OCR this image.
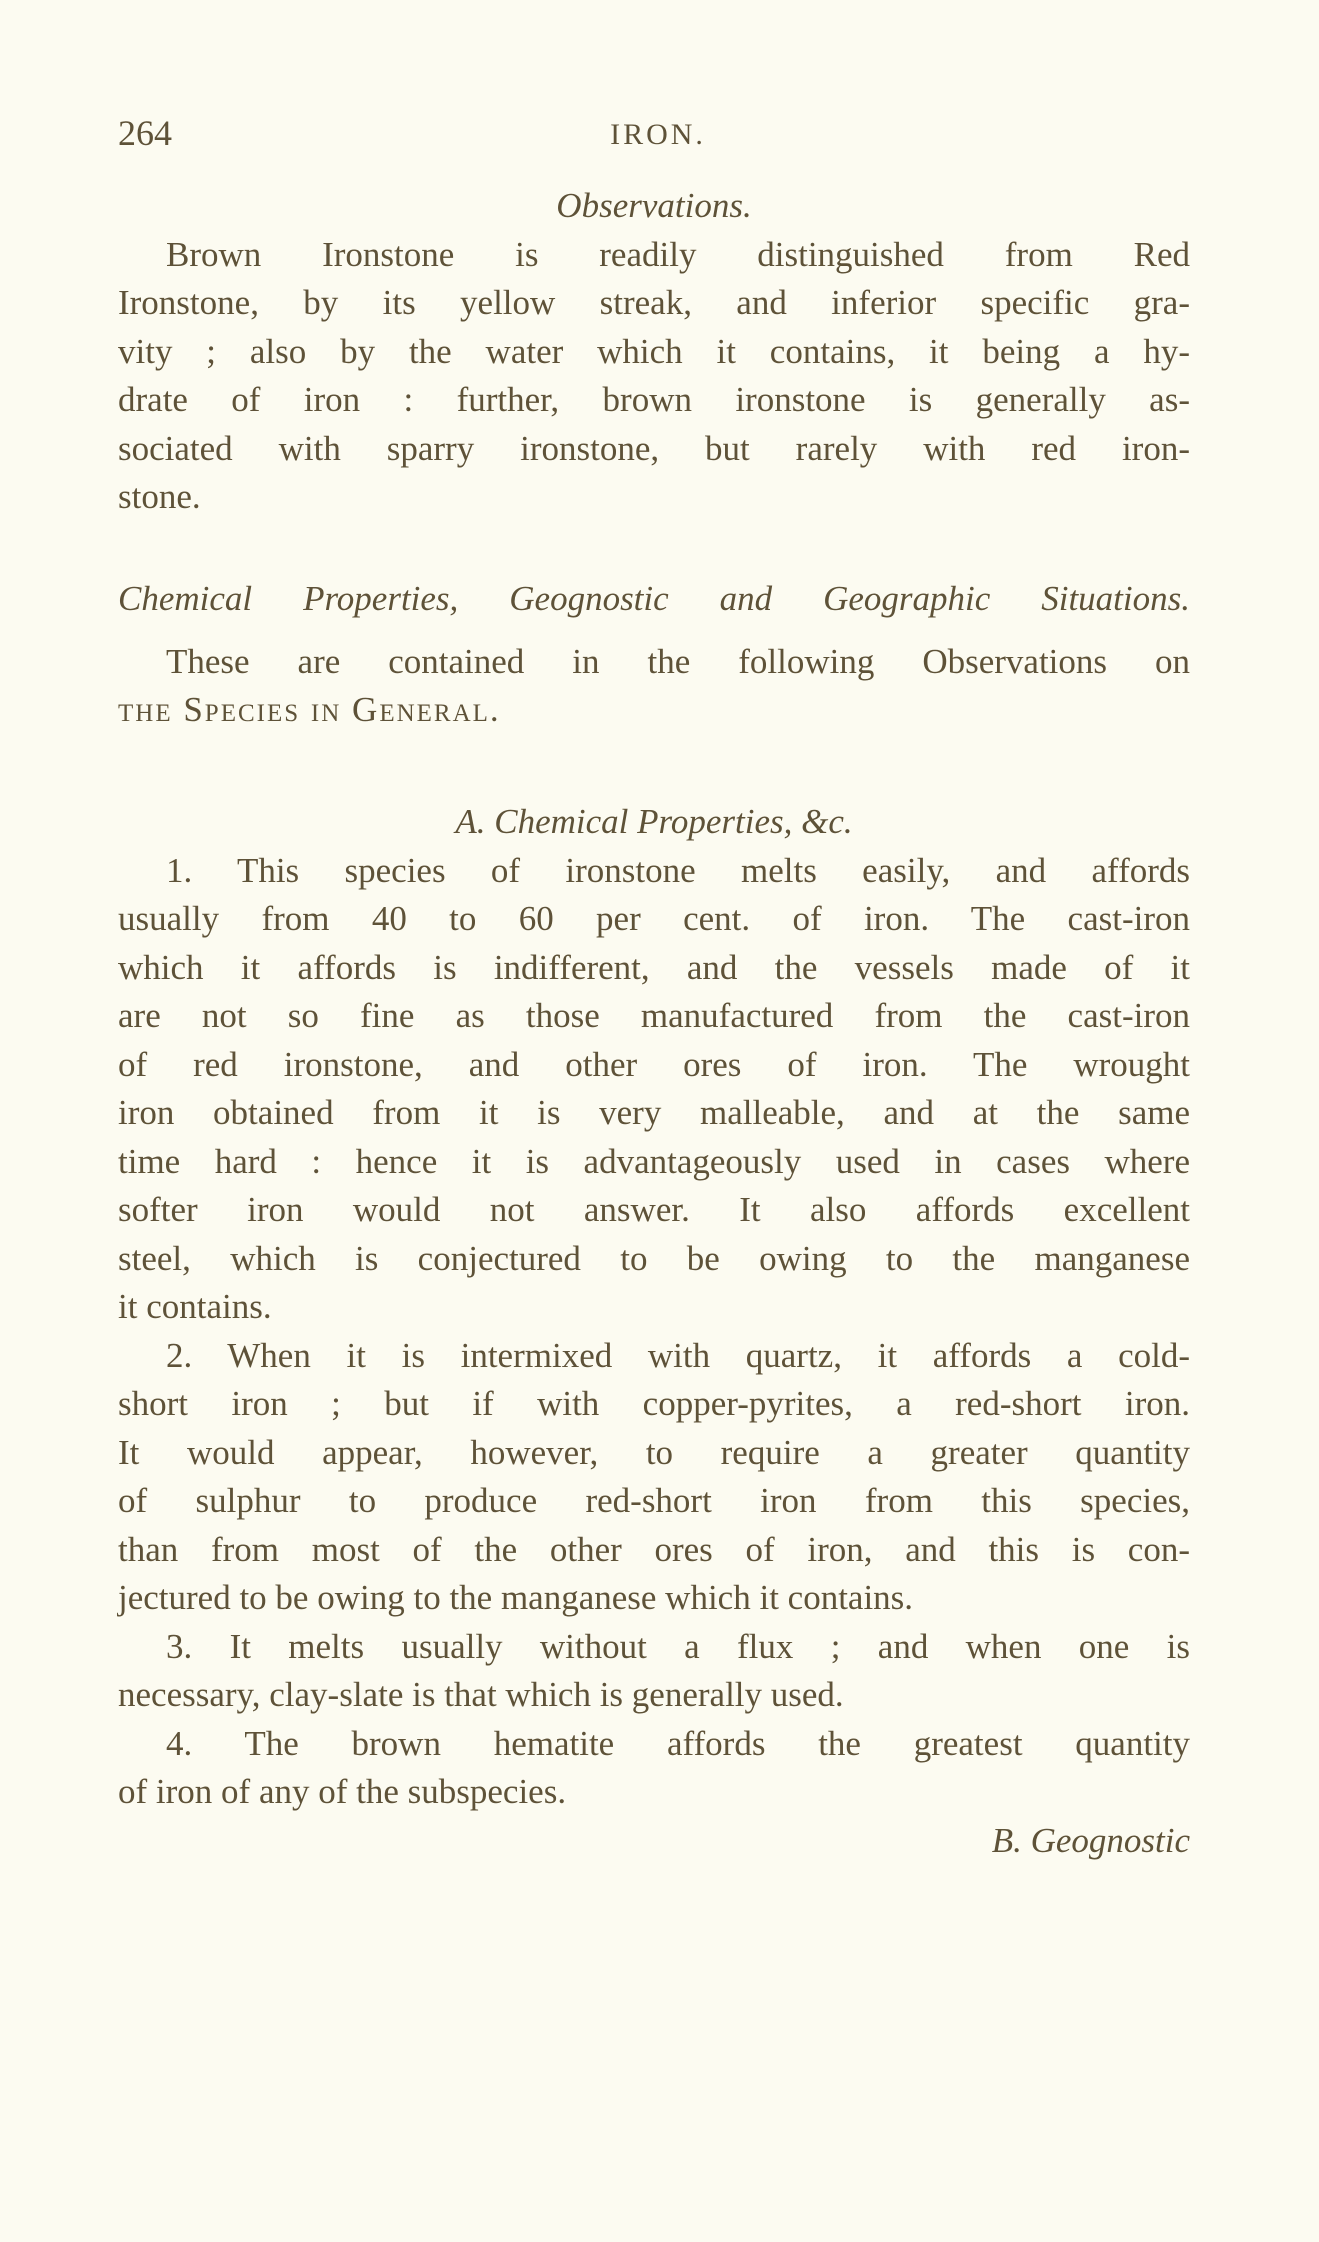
264	IRON.
Observations.
Brown Ironstone is readily distinguished from Red
Ironstone, by its yellow streak, and inferior specific gra-
vity ; also by the water which it contains, it being a hy-
drate of iron : further, brown ironstone is generally as-
sociated with sparry ironstone, but rarely with red iron-
stone.
Chemical Properties, Geognostic and Geographic Situations.
These are contained in the following Observations on
the Species in General.
A. Chemical Properties, &c.
1. This species of ironstone melts easily, and affords
usually from 40 to 60 per cent. of iron. The cast-iron
which it affords is indifferent, and the vessels made of it
are not so fine as those manufactured from the cast-iron
of red ironstone, and other ores of iron. The wrought
iron obtained from it is very malleable, and at the same
time hard : hence it is advantageously used in cases where
softer iron would not answer. It also affords excellent
steel, which is conjectured to be owing to the manganese
it contains.
2. When it is intermixed with quartz, it affords a cold-
short iron ; but if with copper-pyrites, a red-short iron.
It would appear, however, to require a greater quantity
of sulphur to produce red-short iron from this species,
than from most of the other ores of iron, and this is con-
jectured to be owing to the manganese which it contains.
3. It melts usually without a flux ; and when one is
necessary, clay-slate is that which is generally used.
4. The brown hematite affords the greatest quantity
of iron of any of the subspecies.
B. Geognostic
